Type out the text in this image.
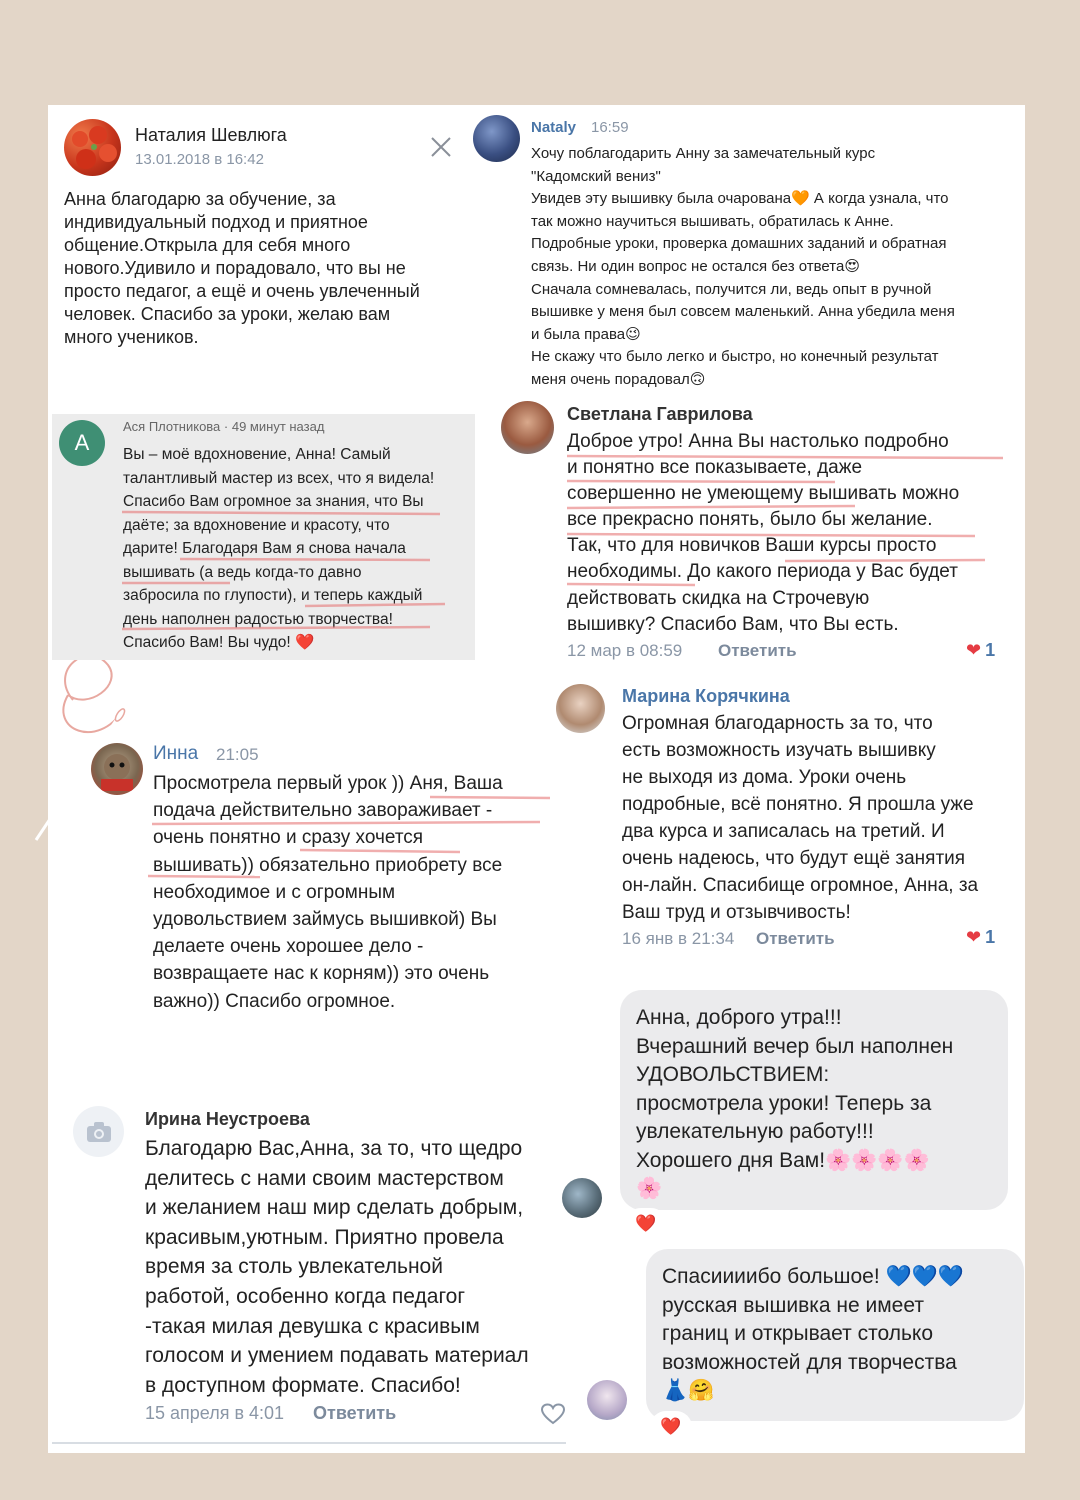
Наталия Шевлюга
13.01.2018 в 16:42
Анна благодарю за обучение, за
индивидуальный подход и приятное
общение.Открыла для себя много
нового.Удивило и порадовало, что вы не
просто педагог, а ещё и очень увлеченный
человек. Спасибо за уроки, желаю вам
много учеников.
Nataly 16:59
Хочу поблагодарить Анну за замечательный курс
"Кадомский вениз"
Увидев эту вышивку была очарована🧡 А когда узнала, что
так можно научиться вышивать, обратилась к Анне.
Подробные уроки, проверка домашних заданий и обратная
связь. Ни один вопрос не остался без ответа😍
Сначала сомневалась, получится ли, ведь опыт в ручной
вышивке у меня был совсем маленький. Анна убедила меня
и была права😉
Не скажу что было легко и быстро, но конечный результат
меня очень порадовал🙃
A
Ася Плотникова · 49 минут назад
Вы – моё вдохновение, Анна! Самый
талантливый мастер из всех, что я видела!
Спасибо Вам огромное за знания, что Вы
даёте; за вдохновение и красоту, что
дарите! Благодаря Вам я снова начала
вышивать (а ведь когда-то давно
забросила по глупости), и теперь каждый
день наполнен радостью творчества!
Спасибо Вам! Вы чудо! ❤️
Светлана Гаврилова
Доброе утро! Анна Вы настолько подробно
и понятно все показываете, даже
совершенно не умеющему вышивать можно
все прекрасно понять, было бы желание.
Так, что для новичков Ваши курсы просто
необходимы. До какого периода у Вас будет
действовать скидка на Строчевую
вышивку? Спасибо Вам, что Вы есть.
12 мар в 08:59 Ответить	❤ 1
Марина Корячкина
Огромная благодарность за то, что
есть возможность изучать вышивку
не выходя из дома. Уроки очень
подробные, всё понятно. Я прошла уже
два курса и записалась на третий. И
очень надеюсь, что будут ещё занятия
он-лайн. Спасибище огромное, Анна, за
Ваш труд и отзывчивость!
16 янв в 21:34 Ответить	❤ 1
Инна 21:05
Просмотрела первый урок )) Аня, Ваша
подача действительно завораживает -
очень понятно и сразу хочется
вышивать)) обязательно приобрету все
необходимое и с огромным
удовольствием займусь вышивкой) Вы
делаете очень хорошее дело -
возвращаете нас к корням)) это очень
важно)) Спасибо огромное.
Ирина Неустроева
Благодарю Вас,Анна, за то, что щедро
делитесь с нами своим мастерством
и желанием наш мир сделать добрым,
красивым,уютным. Приятно провела
время за столь увлекательной
работой, особенно когда педагог
-такая милая девушка с красивым
голосом и умением подавать материал
в доступном формате. Спасибо!
15 апреля в 4:01 Ответить
Анна, доброго утра!!!
Вчерашний вечер был наполнен
УДОВОЛЬСТВИЕМ:
просмотрела уроки! Теперь за
увлекательную работу!!!
Хорошего дня Вам!🌸🌸🌸🌸
🌸
❤️
Спасиииибо большое! 💙💙💙
русская вышивка не имеет
границ и открывает столько
возможностей для творчества
👗🤗
❤️
